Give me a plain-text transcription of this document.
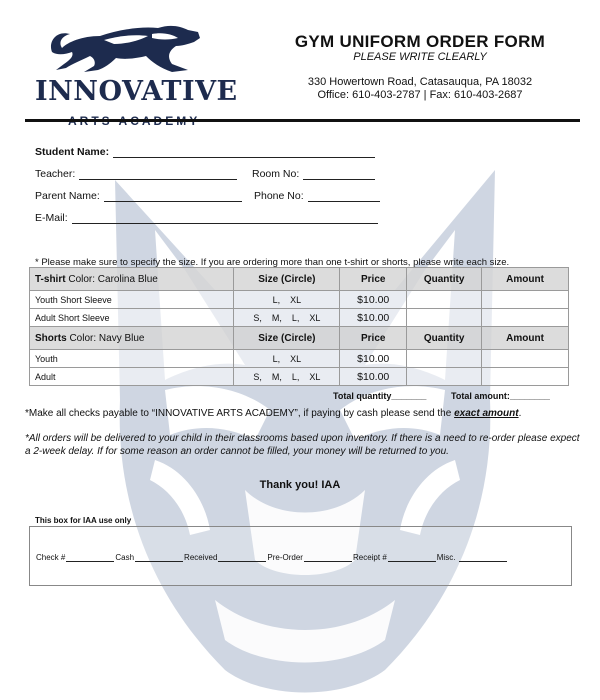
INNOVATIVE
GYM UNIFORM ORDER FORM
PLEASE WRITE CLEARLY
330 Howertown Road, Catasauqua, PA 18032
Office: 610-403-2787 | Fax: 610-403-2687
Student Name:
Teacher:	Room No:
Parent Name:	Phone No:
E-Mail:
* Please make sure to specify the size. If you are ordering more than one t-shirt or shorts, please write each size.
T-shirt Color: Carolina Blue	Size (Circle)	Price	Quantity	Amount
Youth Short Sleeve	L, XL	$10.00		
Adult Short Sleeve	S, M, L, XL	$10.00		
Shorts Color: Navy Blue	Size (Circle)	Price	Quantity	Amount
Youth	L, XL	$10.00		
Adult	S, M, L, XL	$10.00		
Total quantity_______	Total amount:________
*Make all checks payable to “INNOVATIVE ARTS ACADEMY”, if paying by cash please send the exact amount.
*All orders will be delivered to your child in their classrooms based upon inventory. If there is a need to re-order please expect a 2-week delay. If for some reason an order cannot be filled, your money will be returned to you.
Thank you! IAA
This box for IAA use only
Check #	Cash	Received	Pre-Order	Receipt #	Misc.
